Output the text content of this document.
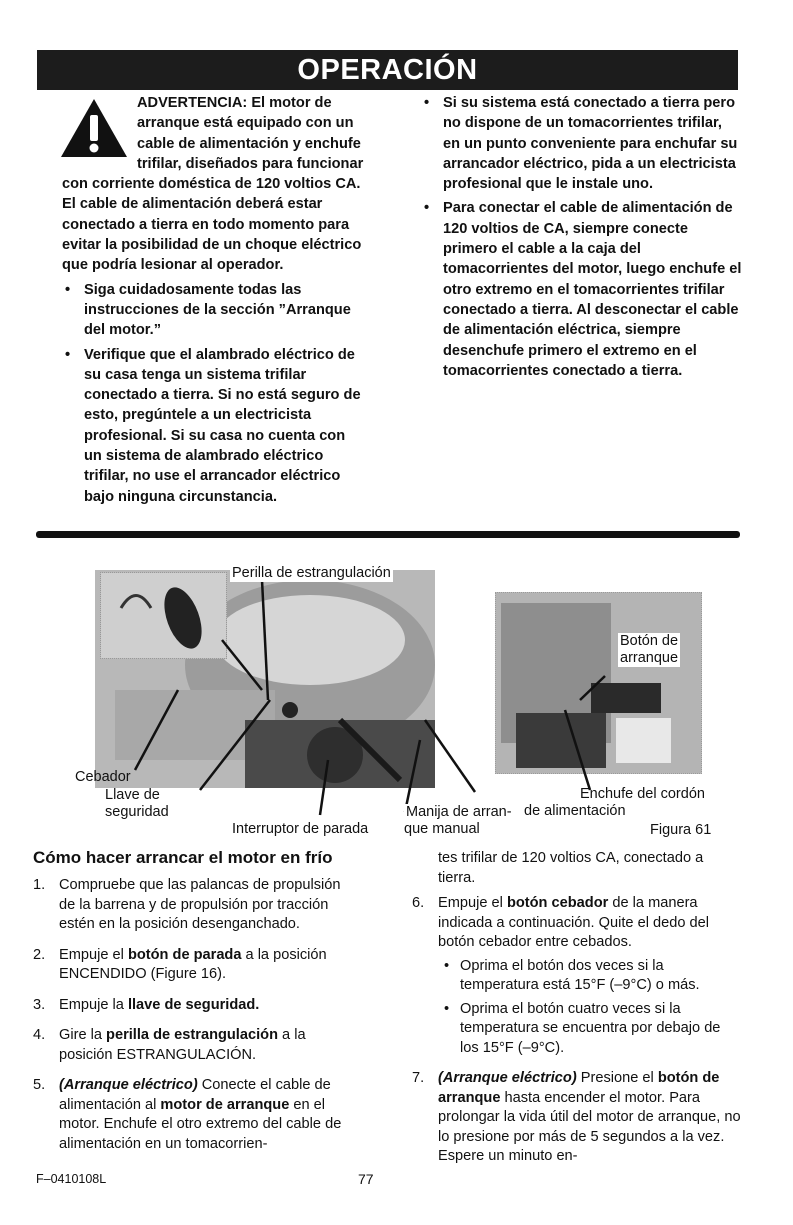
OPERACIÓN

ADVERTENCIA: El motor de arranque está equipado con un cable de alimentación y enchufe trifilar, diseñados para funcionar con corriente doméstica de 120 voltios CA. El cable de alimentación deberá estar conectado a tierra en todo momento para evitar la posibilidad de un choque eléctrico que podría lesionar al operador.

• Siga cuidadosamente todas las instrucciones de la sección ”Arranque del motor.”
• Verifique que el alambrado eléctrico de su casa tenga un sistema trifilar conectado a tierra. Si no está seguro de esto, pregúntele a un electricista profesional. Si su casa no cuenta con un sistema de alambrado eléctrico trifilar, no use el arrancador eléctrico bajo ninguna circunstancia.
• Si su sistema está conectado a tierra pero no dispone de un tomacorrientes trifilar, en un punto conveniente para enchufar su arrancador eléctrico, pida a un electricista profesional que le instale uno.
• Para conectar el cable de alimentación de 120 voltios de CA, siempre conecte primero el cable a la caja del tomacorrientes del motor, luego enchufe el otro extremo en el tomacorrientes trifilar conectado a tierra. Al desconectar el cable de alimentación eléctrica, siempre desenchufe primero el extremo en el tomacorrientes conectado a tierra.
Perilla de estrangulación
Cebador
Llave de
seguridad
Interruptor de parada
Manija de arran-
que manual
Botón de
arranque
Enchufe del cordón
de alimentación
Figura 61
Cómo hacer arrancar el motor en frío
1. Compruebe que las palancas de propulsión de la barrena y de propulsión por tracción estén en la posición desenganchado.
2. Empuje el botón de parada a la posición ENCENDIDO (Figure 16).
3. Empuje la llave de seguridad.
4. Gire la perilla de estrangulación a la posición ESTRANGULACIÓN.
5. (Arranque eléctrico) Conecte el cable de alimentación al motor de arranque en el motor. Enchufe el otro extremo del cable de alimentación en un tomacorrien-
tes trifilar de 120 voltios CA, conectado a tierra.
6. Empuje el botón cebador de la manera indicada a continuación. Quite el dedo del botón cebador entre cebados.
• Oprima el botón dos veces si la temperatura está 15°F (–9°C) o más.
• Oprima el botón cuatro veces si la temperatura se encuentra por debajo de los 15°F (–9°C).
7. (Arranque eléctrico) Presione el botón de arranque hasta encender el motor. Para prolongar la vida útil del motor de arranque, no lo presione por más de 5 segundos a la vez. Espere un minuto en-
F–0410108L	77
